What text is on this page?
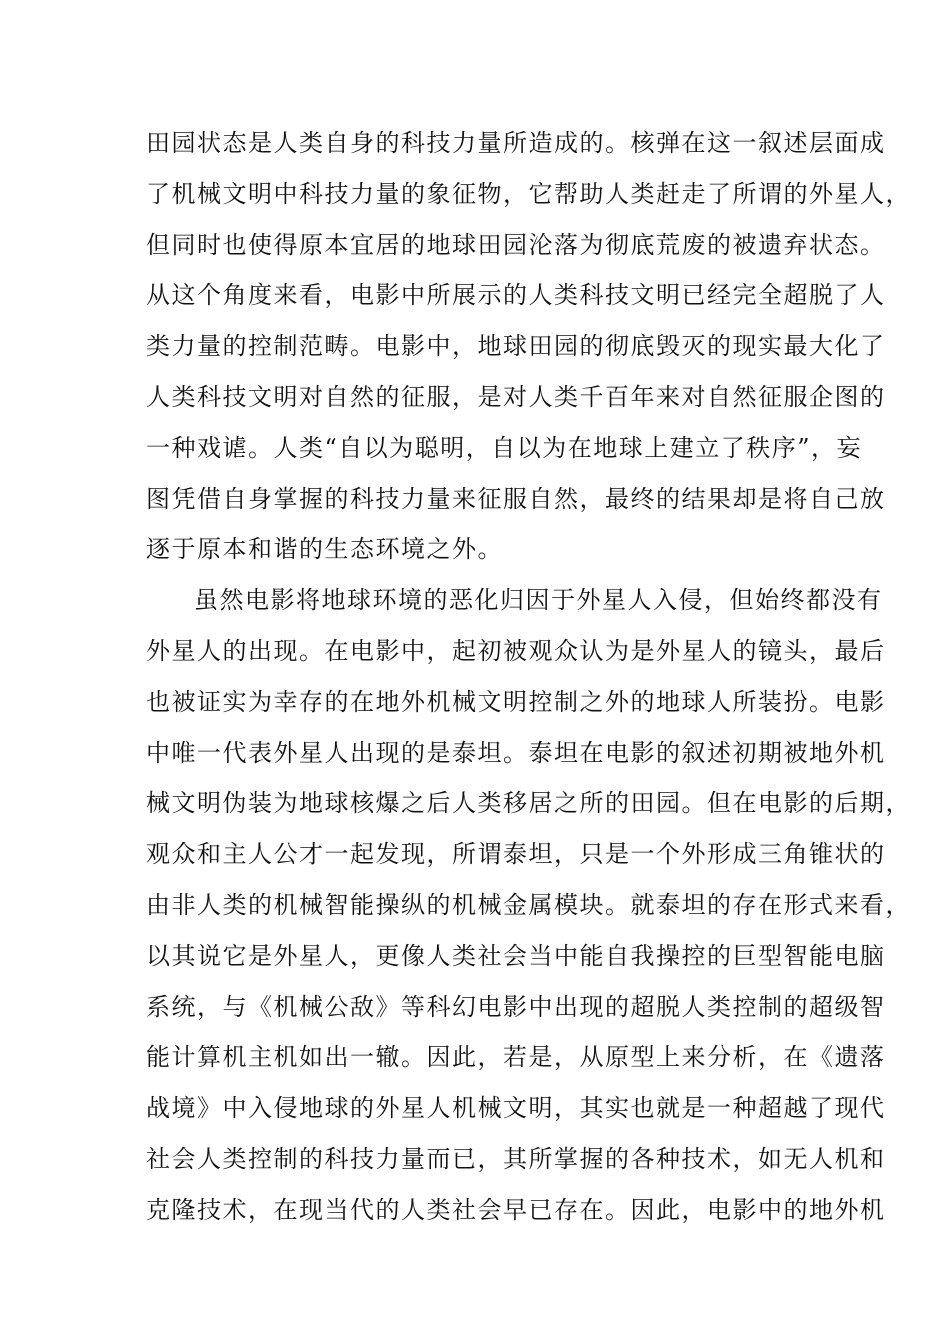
田园状态是人类自身的科技力量所造成的。核弹在这一叙述层面成
了机械文明中科技力量的象征物，它帮助人类赶走了所谓的外星人，
但同时也使得原本宜居的地球田园沦落为彻底荒废的被遗弃状态。
从这个角度来看，电影中所展示的人类科技文明已经完全超脱了人
类力量的控制范畴。电影中，地球田园的彻底毁灭的现实最大化了
人类科技文明对自然的征服，是对人类千百年来对自然征服企图的
一种戏谑。人类“自以为聪明，自以为在地球上建立了秩序”，妄
图凭借自身掌握的科技力量来征服自然，最终的结果却是将自己放
逐于原本和谐的生态环境之外。
虽然电影将地球环境的恶化归因于外星人入侵，但始终都没有
外星人的出现。在电影中，起初被观众认为是外星人的镜头，最后
也被证实为幸存的在地外机械文明控制之外的地球人所装扮。电影
中唯一代表外星人出现的是泰坦。泰坦在电影的叙述初期被地外机
械文明伪装为地球核爆之后人类移居之所的田园。但在电影的后期，
观众和主人公才一起发现，所谓泰坦，只是一个外形成三角锥状的
由非人类的机械智能操纵的机械金属模块。就泰坦的存在形式来看，
以其说它是外星人，更像人类社会当中能自我操控的巨型智能电脑
系统，与《机械公敌》等科幻电影中出现的超脱人类控制的超级智
能计算机主机如出一辙。因此，若是，从原型上来分析，在《遗落
战境》中入侵地球的外星人机械文明，其实也就是一种超越了现代
社会人类控制的科技力量而已，其所掌握的各种技术，如无人机和
克隆技术，在现当代的人类社会早已存在。因此，电影中的地外机
